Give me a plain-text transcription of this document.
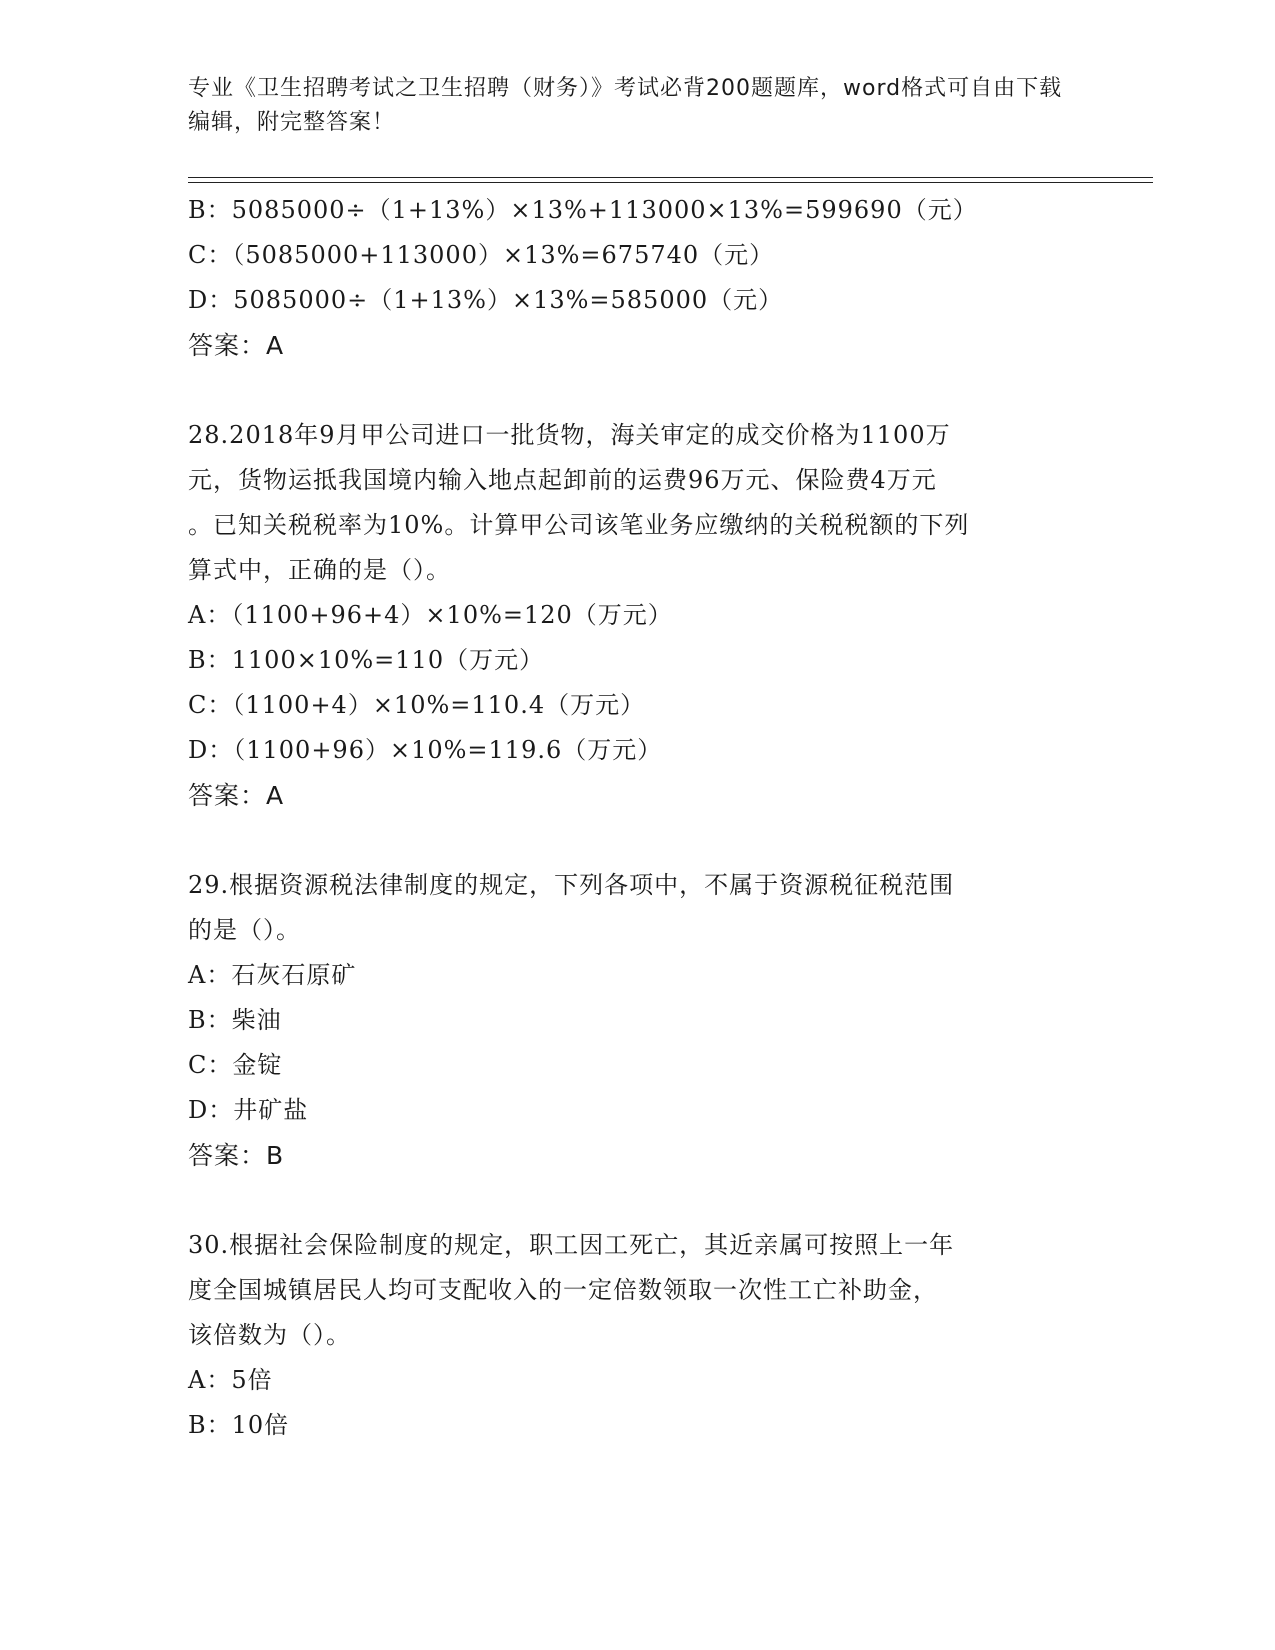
专业《卫生招聘考试之卫生招聘（财务）》考试必背200题题库，word格式可自由下载编辑，附完整答案！
B：5085000÷（1+13%）×13%+113000×13%=599690（元）
C：（5085000+113000）×13%=675740（元）
D：5085000÷（1+13%）×13%=585000（元）
答案：A
28.2018年9月甲公司进口一批货物，海关审定的成交价格为1100万
元，货物运抵我国境内输入地点起卸前的运费96万元、保险费4万元
。已知关税税率为10%。计算甲公司该笔业务应缴纳的关税税额的下列
算式中，正确的是（）。
A：（1100+96+4）×10%=120（万元）
B：1100×10%=110（万元）
C：（1100+4）×10%=110.4（万元）
D：（1100+96）×10%=119.6（万元）
答案：A
29.根据资源税法律制度的规定，下列各项中，不属于资源税征税范围
的是（）。
A：石灰石原矿
B：柴油
C：金锭
D：井矿盐
答案：B
30.根据社会保险制度的规定，职工因工死亡，其近亲属可按照上一年
度全国城镇居民人均可支配收入的一定倍数领取一次性工亡补助金，
该倍数为（）。
A：5倍
B：10倍
